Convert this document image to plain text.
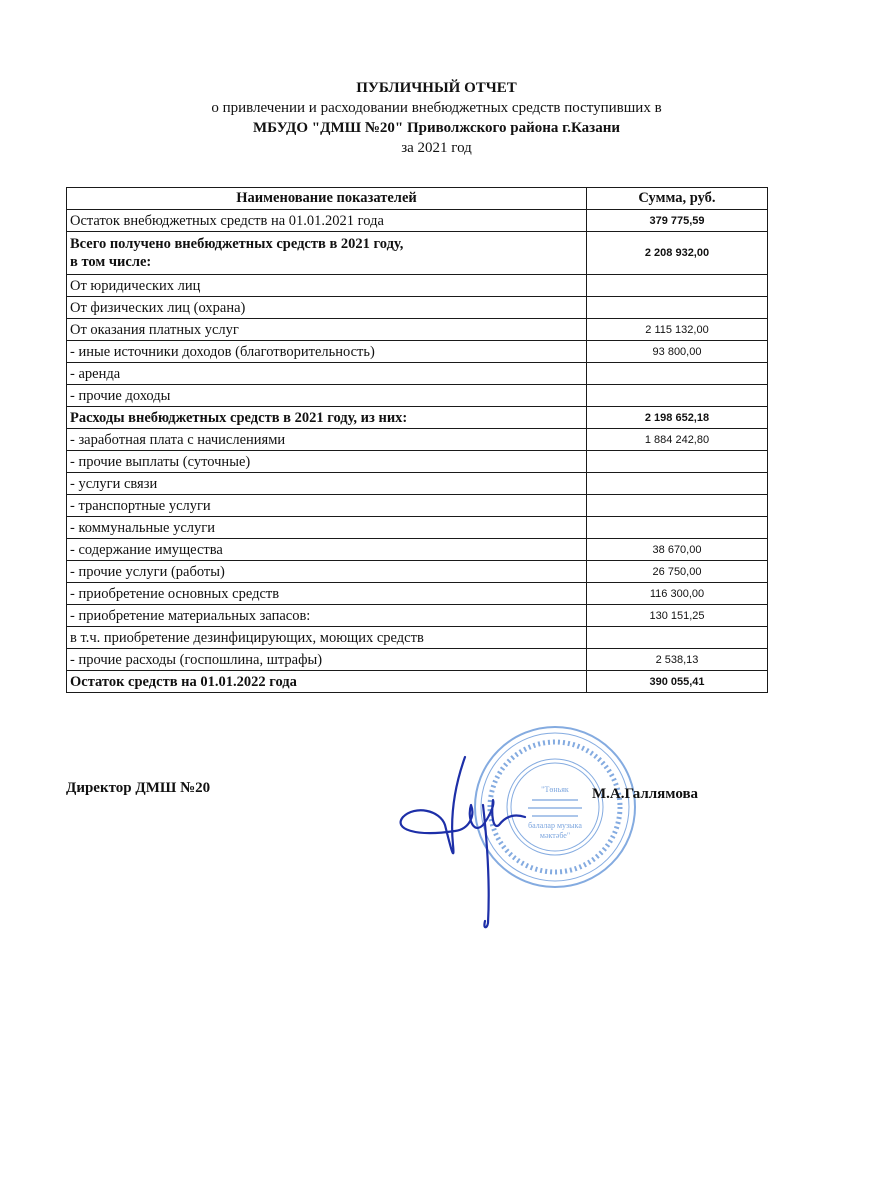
ПУБЛИЧНЫЙ ОТЧЕТ
о привлечении и расходовании внебюджетных средств поступивших в
МБУДО "ДМШ №20" Приволжского района г.Казани
за 2021 год
Наименование показателей	Сумма, руб.
Остаток внебюджетных средств на 01.01.2021 года	379 775,59

Всего получено внебюджетных средств в 2021 году,
в том числе:	2 208 932,00
От юридических лиц	
От физических лиц (охрана)	
От оказания платных услуг	2 115 132,00
- иные источники доходов (благотворительность)	93 800,00
- аренда	
- прочие доходы	
Расходы внебюджетных средств в 2021 году, из них:	2 198 652,18
- заработная плата с начислениями	1 884 242,80
- прочие выплаты (суточные)	
- услуги связи	
- транспортные услуги	
- коммунальные услуги	
- содержание имущества	38 670,00
- прочие услуги (работы)	26 750,00
- приобретение основных средств	116 300,00
- приобретение материальных запасов:	130 151,25
в т.ч. приобретение дезинфицирующих, моющих средств	
- прочие расходы (госпошлина, штрафы)	2 538,13
Остаток средств на 01.01.2022 года	390 055,41
Директор ДМШ №20	"Төньяк
балалар музыка
мәктәбе"
М.А.Галлямова
